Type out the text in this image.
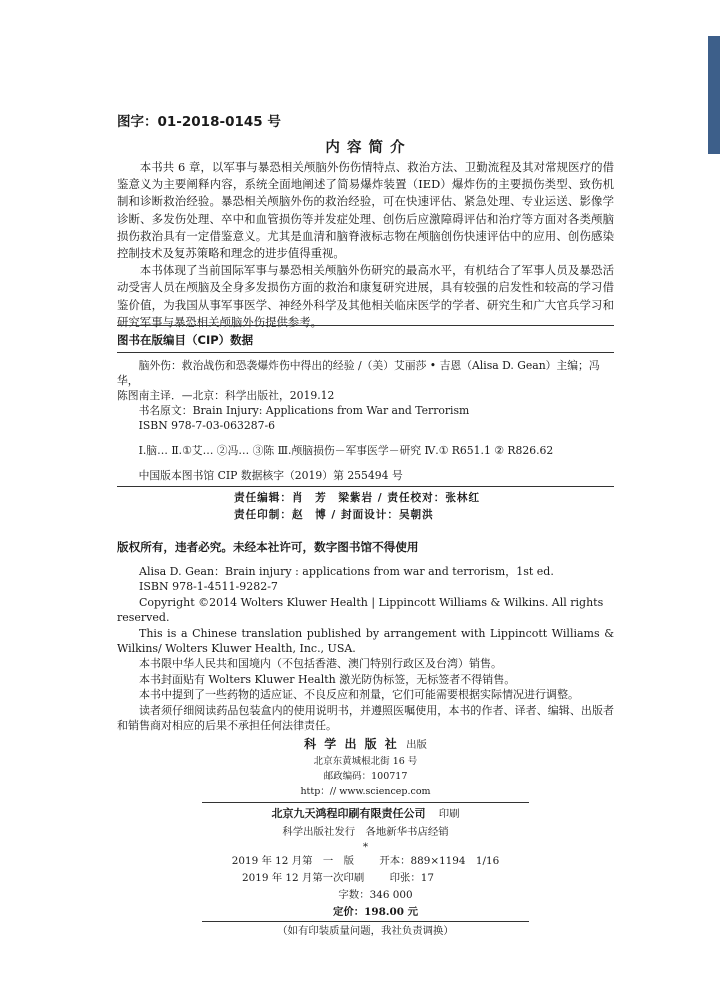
图字：01-2018-0145 号
内 容 简 介

本书共 6 章，以军事与暴恐相关颅脑外伤伤情特点、救治方法、卫勤流程及其对常规医疗的借鉴意义为主要阐释内容，系统全面地阐述了简易爆炸装置（IED）爆炸伤的主要损伤类型、致伤机制和诊断救治经验。暴恐相关颅脑外伤的救治经验，可在快速评估、紧急处理、专业运送、影像学诊断、多发伤处理、卒中和血管损伤等并发症处理、创伤后应激障碍评估和治疗等方面对各类颅脑损伤救治具有一定借鉴意义。尤其是血清和脑脊液标志物在颅脑创伤快速评估中的应用、创伤感染控制技术及复苏策略和理念的进步值得重视。

本书体现了当前国际军事与暴恐相关颅脑外伤研究的最高水平，有机结合了军事人员及暴恐活动受害人员在颅脑及全身多发损伤方面的救治和康复研究进展，具有较强的启发性和较高的学习借鉴价值，为我国从事军事医学、神经外科学及其他相关临床医学的学者、研究生和广大官兵学习和研究军事与暴恐相关颅脑外伤提供参考。

图书在版编目（CIP）数据

脑外伤：救治战伤和恐袭爆炸伤中得出的经验 /（美）艾丽莎 • 吉恩（Alisa D. Gean）主编；冯华，

陈图南主译．—北京：科学出版社，2019.12

书名原文：Brain Injury: Applications from War and Terrorism

ISBN 978-7-03-063287-6

Ⅰ.脑… Ⅱ.①艾… ②冯… ③陈 Ⅲ.颅脑损伤－军事医学－研究 Ⅳ.① R651.1 ② R826.62

中国版本图书馆 CIP 数据核字（2019）第 255494 号

责任编辑：肖　芳　梁紫岩 / 责任校对：张林红

责任印制：赵　博 / 封面设计：吴朝洪

版权所有，违者必究。未经本社许可，数字图书馆不得使用

Alisa D. Gean：Brain injury : applications from war and terrorism，1st ed.

ISBN 978-1-4511-9282-7

Copyright ©2014 Wolters Kluwer Health | Lippincott Williams & Wilkins. All rights reserved.

This is a Chinese translation published by arrangement with Lippincott Williams & Wilkins/ Wolters Kluwer Health, Inc., USA.

本书限中华人民共和国境内（不包括香港、澳门特别行政区及台湾）销售。

本书封面贴有 Wolters Kluwer Health 激光防伪标签，无标签者不得销售。

本书中提到了一些药物的适应证、不良反应和剂量，它们可能需要根据实际情况进行调整。

读者须仔细阅读药品包装盒内的使用说明书，并遵照医嘱使用，本书的作者、译者、编辑、出版者和销售商对相应的后果不承担任何法律责任。

科 学 出 版 社 出版
北京东黄城根北街 16 号
邮政编码：100717
http：// www.sciencep.com
北京九天鸿程印刷有限责任公司 印刷
科学出版社发行　各地新华书店经销
*
2019 年 12 月第　一　版 开本：889×1194　1/16
2019 年 12 月第一次印刷 印张：17
字数：346 000
定价：198.00 元
（如有印装质量问题，我社负责调换）
